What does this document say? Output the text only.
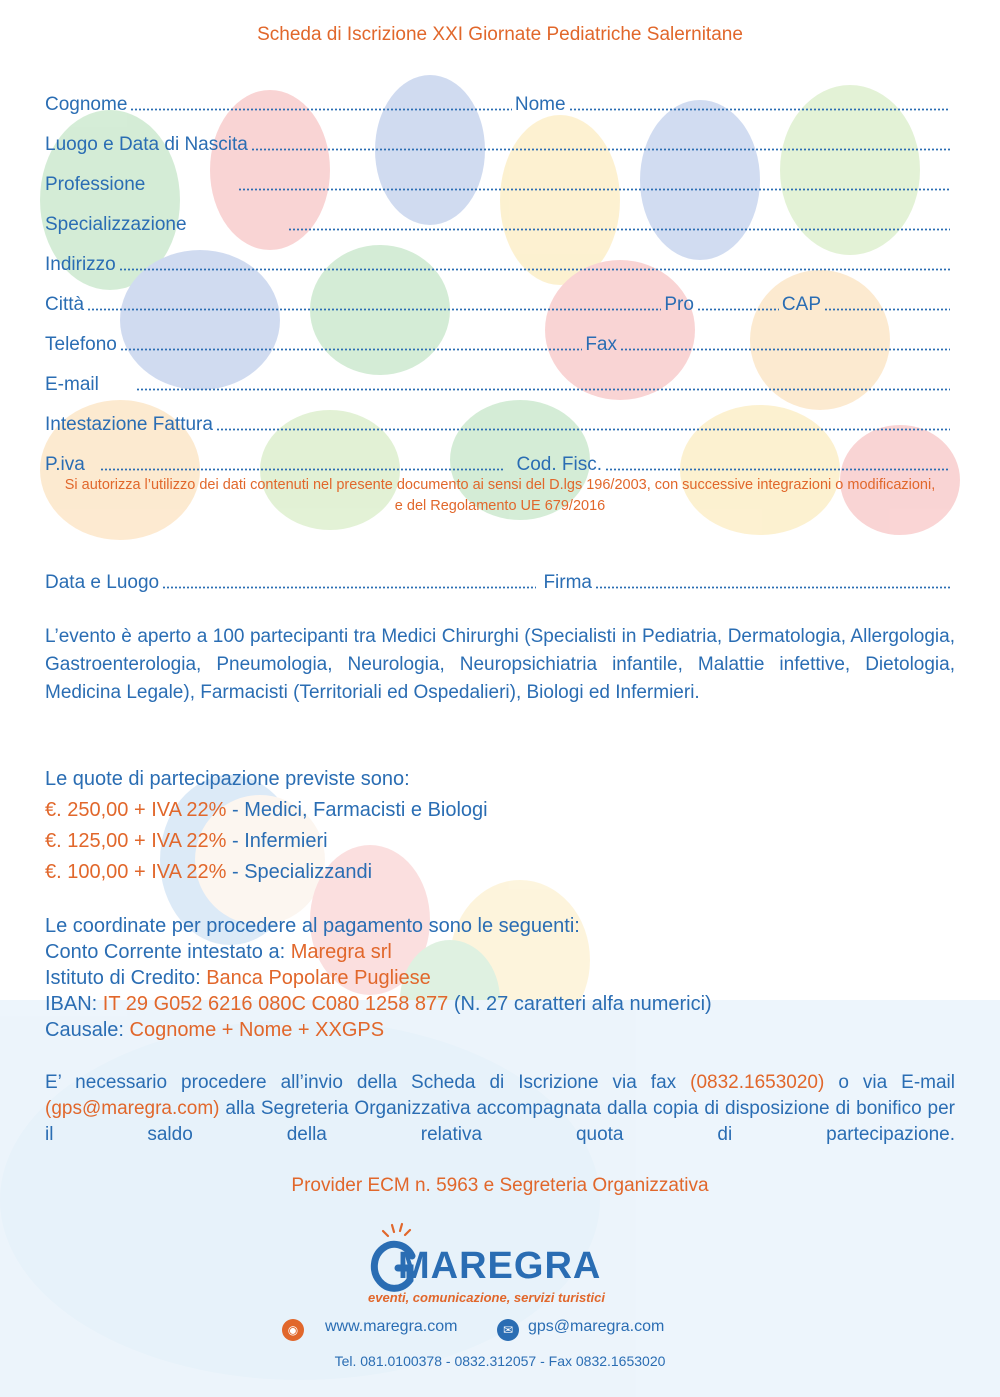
Scheda di Iscrizione XXI Giornate Pediatriche Salernitane
Cognome	Nome
Luogo e Data di Nascita
Professione
Specializzazione
Indirizzo
Città	Pro	CAP
Telefono	Fax
E-mail
Intestazione Fattura
P.iva	Cod. Fisc.
Si autorizza l’utilizzo dei dati contenuti nel presente documento ai sensi del D.lgs 196/2003, con successive integrazioni o modificazioni, e del Regolamento UE 679/2016
Data e Luogo	Firma
L’evento è aperto a 100 partecipanti tra Medici Chirurghi (Specialisti in Pediatria, Dermatologia, Allergologia, Gastroenterologia, Pneumologia, Neurologia, Neuropsichiatria infantile, Malattie infettive, Dietologia, Medicina Legale), Farmacisti (Territoriali ed Ospedalieri), Biologi ed Infermieri.
Le quote di partecipazione previste sono:
€. 250,00 + IVA 22% - Medici, Farmacisti e Biologi
€. 125,00 + IVA 22% - Infermieri
€. 100,00 + IVA 22% - Specializzandi
Le coordinate per procedere al pagamento sono le seguenti:
Conto Corrente intestato a: Maregra srl
Istituto di Credito: Banca Popolare Pugliese
IBAN: IT 29 G052 6216 080C C080 1258 877 (N. 27 caratteri alfa numerici)
Causale: Cognome + Nome + XXGPS
E’ necessario procedere all’invio della Scheda di Iscrizione via fax (0832.1653020) o via E-mail (gps@maregra.com) alla Segreteria Organizzativa accompagnata dalla copia di disposizione di bonifico per il saldo della relativa quota di partecipazione.
Provider ECM n. 5963 e Segreteria Organizzativa
MAREGRA
eventi, comunicazione, servizi turistici
◉	www.maregra.com	✉ gps@maregra.com
Tel. 081.0100378 - 0832.312057 - Fax 0832.1653020
